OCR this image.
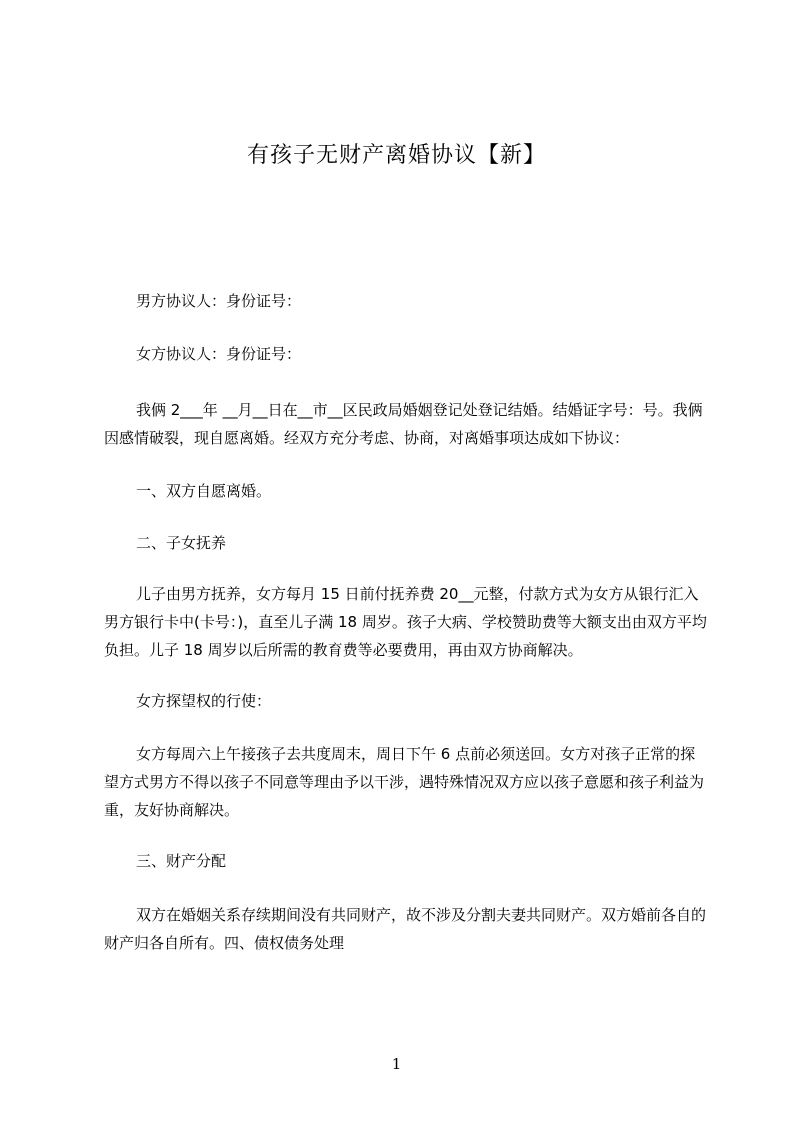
有孩子无财产离婚协议【新】

男方协议人：身份证号：

女方协议人：身份证号：

我俩 2___年 __月__日在__市__区民政局婚姻登记处登记结婚。结婚证字号：号。我俩因感情破裂，现自愿离婚。经双方充分考虑、协商，对离婚事项达成如下协议：

一、双方自愿离婚。

二、子女抚养

儿子由男方抚养，女方每月 15 日前付抚养费 20__元整，付款方式为女方从银行汇入男方银行卡中(卡号：)，直至儿子满 18 周岁。孩子大病、学校赞助费等大额支出由双方平均负担。儿子 18 周岁以后所需的教育费等必要费用，再由双方协商解决。

女方探望权的行使：

女方每周六上午接孩子去共度周末，周日下午 6 点前必须送回。女方对孩子正常的探望方式男方不得以孩子不同意等理由予以干涉，遇特殊情况双方应以孩子意愿和孩子利益为重，友好协商解决。

三、财产分配

双方在婚姻关系存续期间没有共同财产，故不涉及分割夫妻共同财产。双方婚前各自的财产归各自所有。四、债权债务处理

1
